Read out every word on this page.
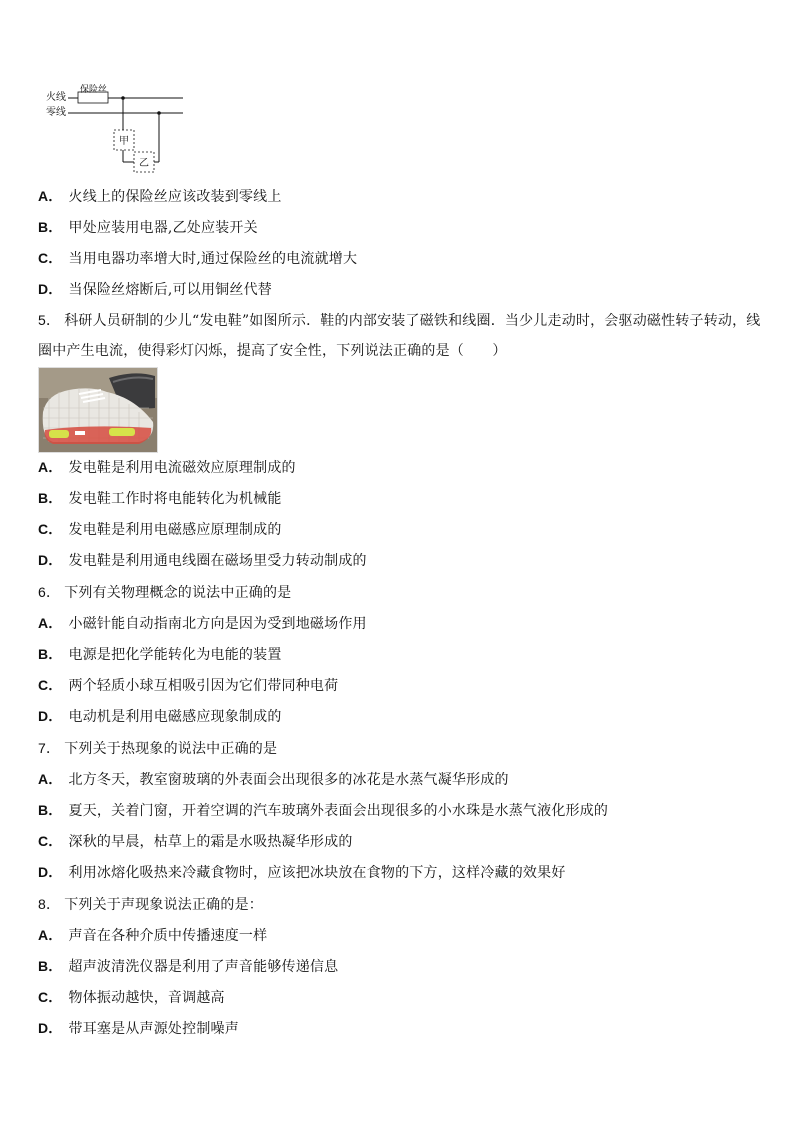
火线
零线
保险丝
甲
乙
A． 火线上的保险丝应该改装到零线上
B． 甲处应装用电器,乙处应装开关
C． 当用电器功率增大时,通过保险丝的电流就增大
D． 当保险丝熔断后,可以用铜丝代替
5． 科研人员研制的少儿“发电鞋”如图所示．鞋的内部安装了磁铁和线圈．当少儿走动时，会驱动磁性转子转动，线
圈中产生电流，使得彩灯闪烁，提高了安全性，下列说法正确的是（　　）
A． 发电鞋是利用电流磁效应原理制成的
B． 发电鞋工作时将电能转化为机械能
C． 发电鞋是利用电磁感应原理制成的
D． 发电鞋是利用通电线圈在磁场里受力转动制成的
6． 下列有关物理概念的说法中正确的是
A． 小磁针能自动指南北方向是因为受到地磁场作用
B． 电源是把化学能转化为电能的装置
C． 两个轻质小球互相吸引因为它们带同种电荷
D． 电动机是利用电磁感应现象制成的
7． 下列关于热现象的说法中正确的是
A． 北方冬天，教室窗玻璃的外表面会出现很多的冰花是水蒸气凝华形成的
B． 夏天，关着门窗，开着空调的汽车玻璃外表面会出现很多的小水珠是水蒸气液化形成的
C． 深秋的早晨，枯草上的霜是水吸热凝华形成的
D． 利用冰熔化吸热来冷藏食物时，应该把冰块放在食物的下方，这样冷藏的效果好
8． 下列关于声现象说法正确的是：
A． 声音在各种介质中传播速度一样
B． 超声波清洗仪器是利用了声音能够传递信息
C． 物体振动越快，音调越高
D． 带耳塞是从声源处控制噪声
